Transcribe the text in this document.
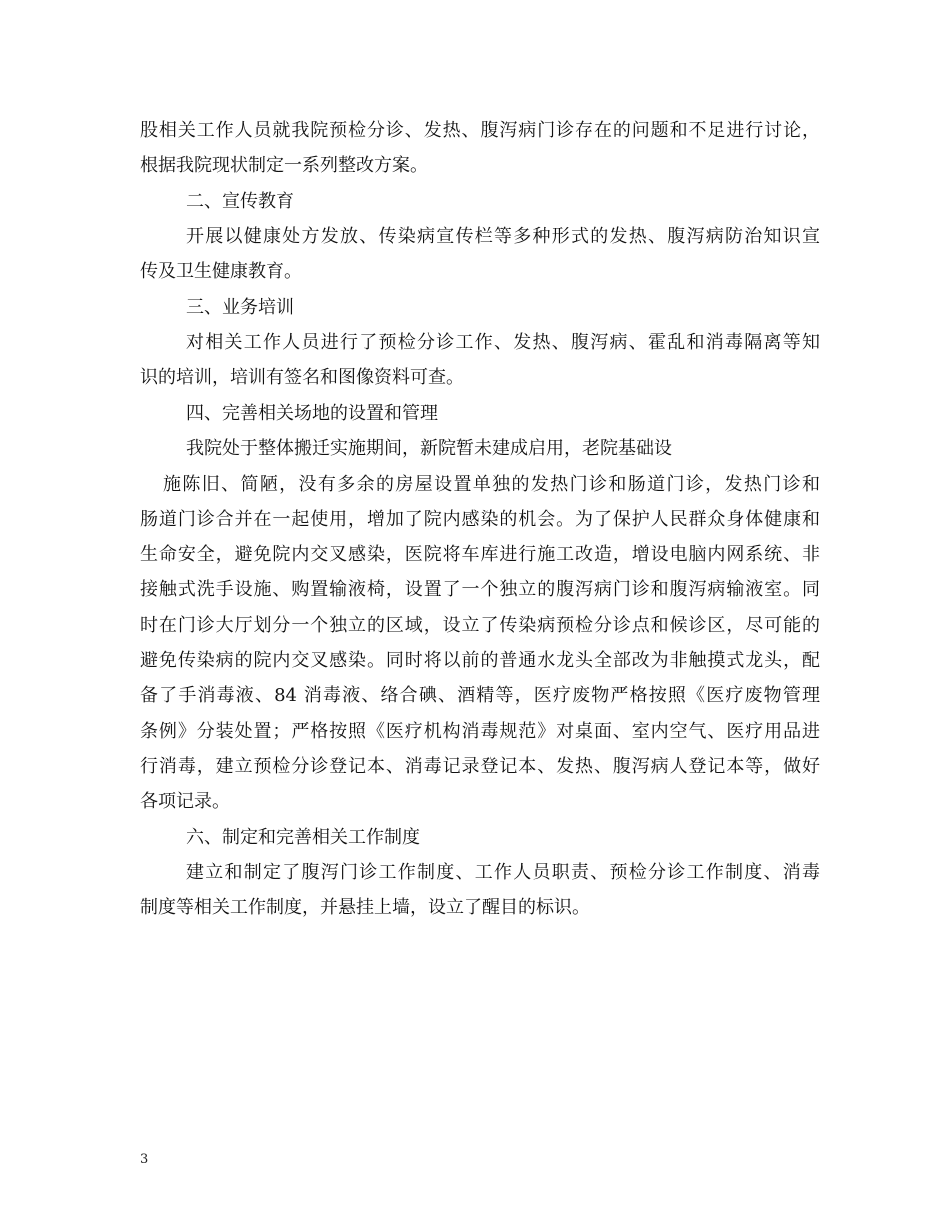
股相关工作人员就我院预检分诊、发热、腹泻病门诊存在的问题和不足进行讨论，
根据我院现状制定一系列整改方案。
二、宣传教育
开展以健康处方发放、传染病宣传栏等多种形式的发热、腹泻病防治知识宣
传及卫生健康教育。
三、业务培训
对相关工作人员进行了预检分诊工作、发热、腹泻病、霍乱和消毒隔离等知
识的培训，培训有签名和图像资料可查。
四、完善相关场地的设置和管理
我院处于整体搬迁实施期间，新院暂未建成启用，老院基础设
施陈旧、简陋，没有多余的房屋设置单独的发热门诊和肠道门诊，发热门诊和
肠道门诊合并在一起使用，增加了院内感染的机会。为了保护人民群众身体健康和
生命安全，避免院内交叉感染，医院将车库进行施工改造，增设电脑内网系统、非
接触式洗手设施、购置输液椅，设置了一个独立的腹泻病门诊和腹泻病输液室。同
时在门诊大厅划分一个独立的区域，设立了传染病预检分诊点和候诊区，尽可能的
避免传染病的院内交叉感染。同时将以前的普通水龙头全部改为非触摸式龙头，配
备了手消毒液、84 消毒液、络合碘、酒精等，医疗废物严格按照《医疗废物管理
条例》分装处置；严格按照《医疗机构消毒规范》对桌面、室内空气、医疗用品进
行消毒，建立预检分诊登记本、消毒记录登记本、发热、腹泻病人登记本等，做好
各项记录。
六、制定和完善相关工作制度
建立和制定了腹泻门诊工作制度、工作人员职责、预检分诊工作制度、消毒
制度等相关工作制度，并悬挂上墙，设立了醒目的标识。
3
